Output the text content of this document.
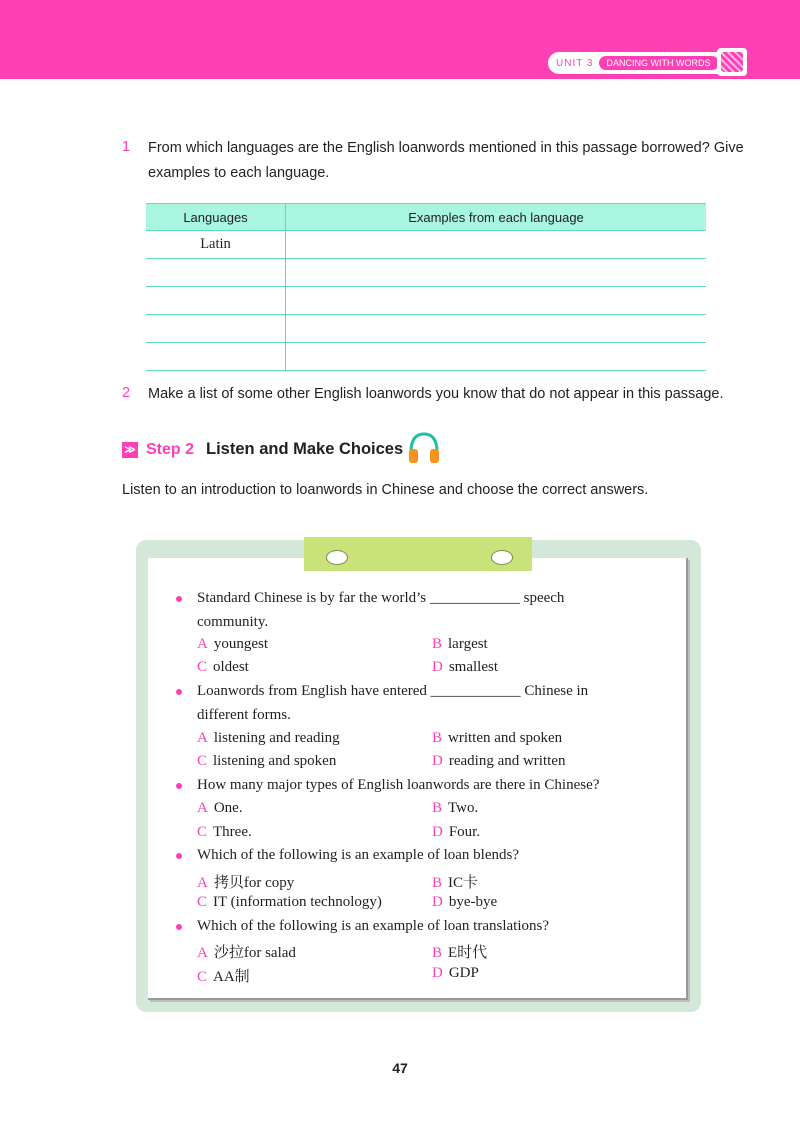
UNIT 3	DANCING WITH WORDS
1 From which languages are the English loanwords mentioned in this passage borrowed? Give
examples to each language.
Languages	Examples from each language
Latin	

2 Make a list of some other English loanwords you know that do not appear in this passage.
≫ Step 2 Listen and Make Choices
Listen to an introduction to loanwords in Chinese and choose the correct answers.
Standard Chinese is by far the world’s ____________ speech
community.
A youngest	B largest
C oldest	D smallest
Loanwords from English have entered ____________ Chinese in
different forms.
A listening and reading	B written and spoken
C listening and spoken	D reading and written
How many major types of English loanwords are there in Chinese?
A One.	B Two.
C Three.	D Four.
Which of the following is an example of loan blends?
A 拷贝for copy	B IC卡
C IT (information technology)	D bye-bye
Which of the following is an example of loan translations?
A 沙拉for salad	B E时代
C AA制	D GDP
47
